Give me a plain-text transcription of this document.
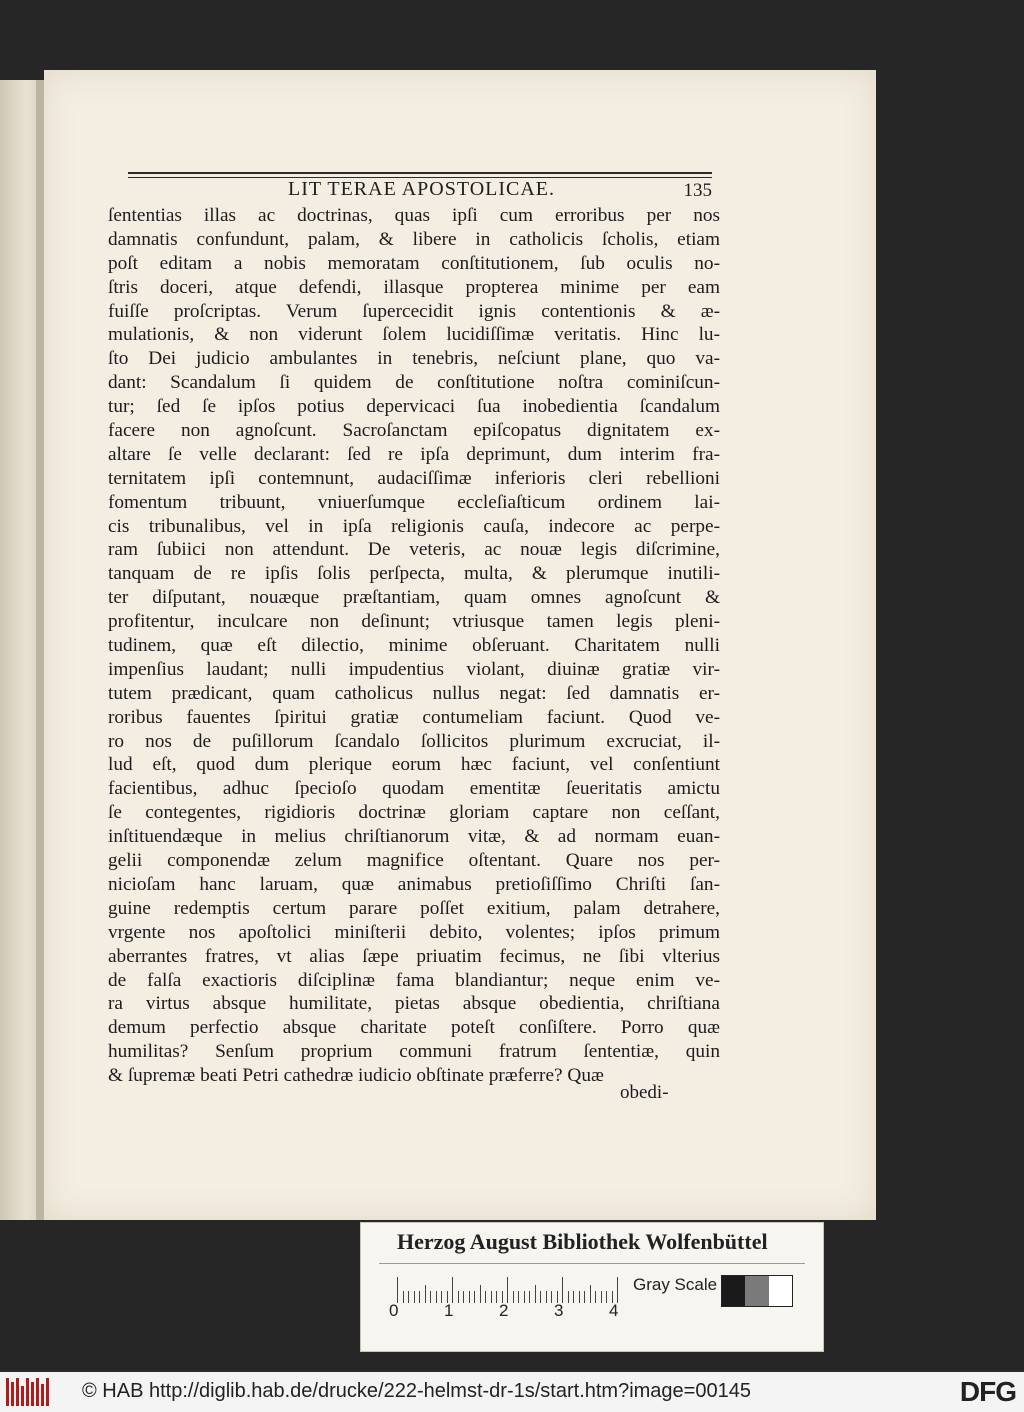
LIT TERAE APOSTOLICAE.	135
ſententias illas ac doctrinas, quas ipſi cum erroribus per nos
damnatis confundunt, palam, & libere in catholicis ſcholis, etiam
poſt editam a nobis memoratam conſtitutionem, ſub oculis no-
ſtris doceri, atque defendi, illasque propterea minime per eam
fuiſſe proſcriptas. Verum ſupercecidit ignis contentionis & æ-
mulationis, & non viderunt ſolem lucidiſſimæ veritatis. Hinc lu-
ſto Dei judicio ambulantes in tenebris, neſciunt plane, quo va-
dant: Scandalum ſi quidem de conſtitutione noſtra cominiſcun-
tur; ſed ſe ipſos potius depervicaci ſua inobedientia ſcandalum
facere non agnoſcunt. Sacroſanctam epiſcopatus dignitatem ex-
altare ſe velle declarant: ſed re ipſa deprimunt, dum interim fra-
ternitatem ipſi contemnunt, audaciſſimæ inferioris cleri rebellioni
fomentum tribuunt, vniuerſumque eccleſiaſticum ordinem lai-
cis tribunalibus, vel in ipſa religionis cauſa, indecore ac perpe-
ram ſubiici non attendunt. De veteris, ac nouæ legis diſcrimine,
tanquam de re ipſis ſolis perſpecta, multa, & plerumque inutili-
ter diſputant, nouæque præſtantiam, quam omnes agnoſcunt &
profitentur, inculcare non deſinunt; vtriusque tamen legis pleni-
tudinem, quæ eſt dilectio, minime obſeruant. Charitatem nulli
impenſius laudant; nulli impudentius violant, diuinæ gratiæ vir-
tutem prædicant, quam catholicus nullus negat: ſed damnatis er-
roribus fauentes ſpiritui gratiæ contumeliam faciunt. Quod ve-
ro nos de puſillorum ſcandalo ſollicitos plurimum excruciat, il-
lud eſt, quod dum plerique eorum hæc faciunt, vel conſentiunt
facientibus, adhuc ſpecioſo quodam ementitæ ſeueritatis amictu
ſe contegentes, rigidioris doctrinæ gloriam captare non ceſſant,
inſtituendæque in melius chriſtianorum vitæ, & ad normam euan-
gelii componendæ zelum magnifice oſtentant. Quare nos per-
nicioſam hanc laruam, quæ animabus pretioſiſſimo Chriſti ſan-
guine redemptis certum parare poſſet exitium, palam detrahere,
vrgente nos apoſtolici miniſterii debito, volentes; ipſos primum
aberrantes fratres, vt alias ſæpe priuatim fecimus, ne ſibi vlterius
de falſa exactioris diſciplinæ fama blandiantur; neque enim ve-
ra virtus absque humilitate, pietas absque obedientia, chriſtiana
demum perfectio absque charitate poteſt conſiſtere. Porro quæ
humilitas? Senſum proprium communi fratrum ſententiæ, quin
& ſupremæ beati Petri cathedræ iudicio obſtinate præferre? Quæ
obedi-
Herzog August Bibliothek Wolfenbüttel
0	1	2	3	4
Gray Scale
© HAB http://diglib.hab.de/drucke/222-helmst-dr-1s/start.htm?image=00145	DFG
